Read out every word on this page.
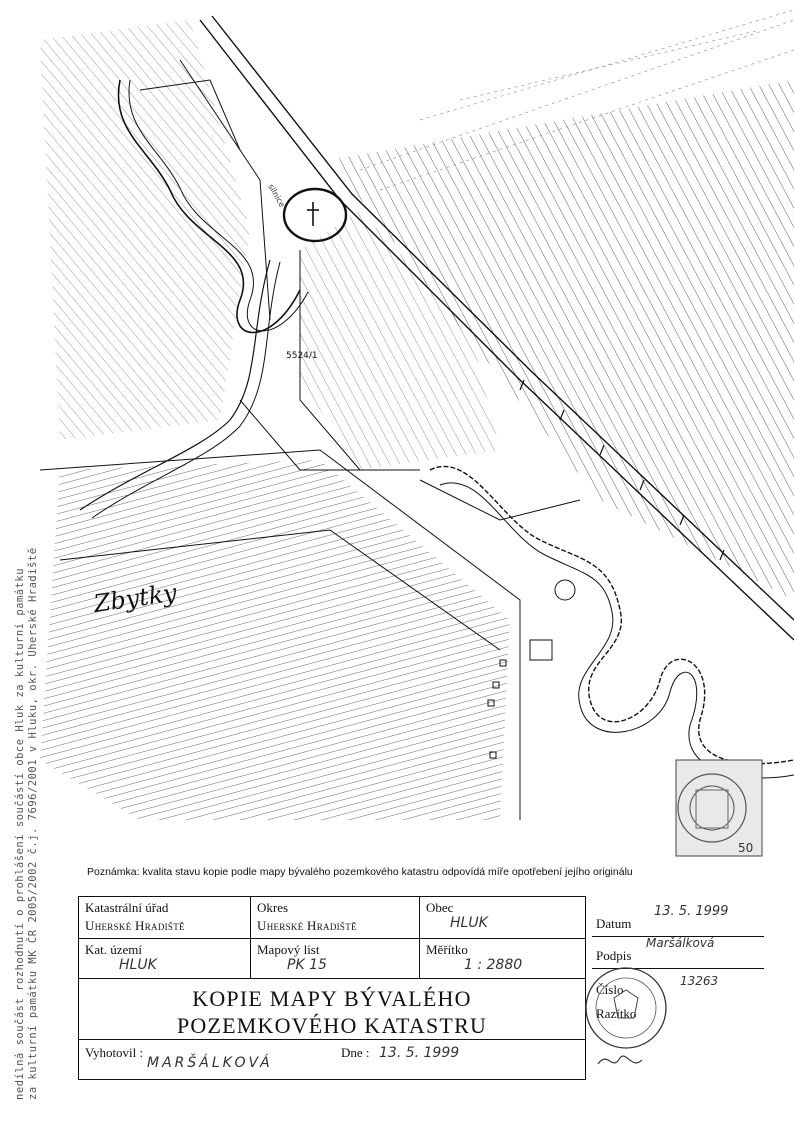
50
Zbytky
5524/1
silnice
nedílná součást rozhodnutí o prohlášení součástí obce Hluk za kulturní památku za kulturní památku MK ČR 2005/2002 č.j. 7696/2001 v Hluku, okr. Uherské Hradiště	Poznámka: kvalita stavu kopie podle mapy bývalého pozemkového katastru odpovídá míře opotřebení jejího originálu
Katastrální úřad
Uherské Hradiště
Okres
Uherské Hradiště
Obec
HLUK
Kat. území
HLUK
Mapový list
PK 15
Měřítko
1 : 2880
KOPIE MAPY BÝVALÉHO
POZEMKOVÉHO KATASTRU
Vyhotovil :
MARŠÁLKOVÁ
Dne : 13. 5. 1999
Datum
13. 5. 1999
Podpis
Maršálková
Číslo
13263
Razítko
